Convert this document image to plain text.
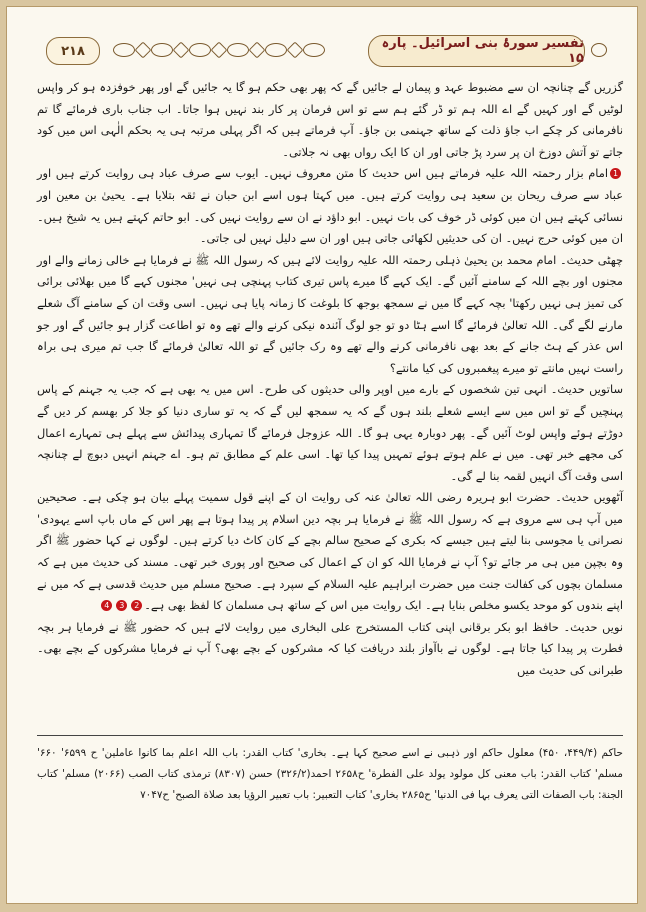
۲۱۸	تفسیر سورۂ بنی اسرائیل۔ پارہ ۱۵

گزریں گے چنانچہ ان سے مضبوط عہد و پیمان لے جائیں گے کہ پھر بھی حکم ہو گا یہ جائیں گے اور پھر خوفزدہ ہو کر واپس لوٹیں گے اور کہیں گے اے اللہ ہم تو ڈر گئے ہم سے تو اس فرمان پر کار بند نہیں ہوا جاتا۔ اب جناب باری فرمائے گا تم نافرمانی کر چکے اب جاؤ ذلت کے ساتھ جہنمی بن جاؤ۔ آپ فرماتے ہیں کہ اگر پہلی مرتبہ ہی یہ بحکم الٰہی اس میں کود جاتے تو آتش دوزخ ان پر سرد پڑ جاتی اور ان کا ایک رواں بھی نہ جلاتی۔

1امام بزار رحمتہ اللہ علیہ فرماتے ہیں اس حدیث کا متن معروف نہیں۔ ایوب سے صرف عباد ہی روایت کرتے ہیں اور عباد سے صرف ریحان بن سعید ہی روایت کرتے ہیں۔ میں کہتا ہوں اسے ابن حبان نے ثقہ بتلایا ہے۔ یحییٰ بن معین اور نسائی کہتے ہیں ان میں کوئی ڈر خوف کی بات نہیں۔ ابو داؤد نے ان سے روایت نہیں کی۔ ابو حاتم کہتے ہیں یہ شیخ ہیں۔ ان میں کوئی حرج نہیں۔ ان کی حدیثیں لکھائی جاتی ہیں اور ان سے دلیل نہیں لی جاتی۔

چھٹی حدیث۔ امام محمد بن یحییٰ ذہلی رحمتہ اللہ علیہ روایت لائے ہیں کہ رسول اللہ ﷺ نے فرمایا ہے خالی زمانے والے اور مجنوں اور بچے اللہ کے سامنے آئیں گے۔ ایک کہے گا میرے پاس تیری کتاب پہنچی ہی نہیں' مجنوں کہے گا میں بھلائی برائی کی تمیز ہی نہیں رکھتا' بچہ کہے گا میں نے سمجھ بوجھ کا بلوغت کا زمانہ پایا ہی نہیں۔ اسی وقت ان کے سامنے آگ شعلے مارنے لگے گی۔ اللہ تعالیٰ فرمائے گا اسے ہٹا دو تو جو لوگ آئندہ نیکی کرنے والے تھے وہ تو اطاعت گزار ہو جائیں گے اور جو اس عذر کے ہٹ جانے کے بعد بھی نافرمانی کرنے والے تھے وہ رک جائیں گے تو اللہ تعالیٰ فرمائے گا جب تم میری ہی براہ راست نہیں مانتے تو میرے پیغمبروں کی کیا مانتے؟

ساتویں حدیث۔ انہی تین شخصوں کے بارے میں اوپر والی حدیثوں کی طرح۔ اس میں یہ بھی ہے کہ جب یہ جہنم کے پاس پہنچیں گے تو اس میں سے ایسے شعلے بلند ہوں گے کہ یہ سمجھ لیں گے کہ یہ تو ساری دنیا کو جلا کر بھسم کر دیں گے دوڑتے ہوئے واپس لوٹ آئیں گے۔ پھر دوبارہ یہی ہو گا۔ اللہ عزوجل فرمائے گا تمہاری پیدائش سے پہلے ہی تمہارے اعمال کی مجھے خبر تھی۔ میں نے علم ہوتے ہوئے تمہیں پیدا کیا تھا۔ اسی علم کے مطابق تم ہو۔ اے جہنم انہیں دبوچ لے چنانچہ اسی وقت آگ انہیں لقمہ بنا لے گی۔

آٹھویں حدیث۔ حضرت ابو ہریرہ رضی اللہ تعالیٰ عنہ کی روایت ان کے اپنے قول سمیت پہلے بیان ہو چکی ہے۔ صحیحین میں آپ ہی سے مروی ہے کہ رسول اللہ ﷺ نے فرمایا ہر بچہ دین اسلام پر پیدا ہوتا ہے پھر اس کے ماں باپ اسے یہودی' نصرانی یا مجوسی بنا لیتے ہیں جیسے کہ بکری کے صحیح سالم بچے کے کان کاٹ دیا کرتے ہیں۔ لوگوں نے کہا حضور ﷺ اگر وہ بچپن میں ہی مر جائے تو؟ آپ نے فرمایا اللہ کو ان کے اعمال کی صحیح اور پوری خبر تھی۔ مسند کی حدیث میں ہے کہ مسلمان بچوں کی کفالت جنت میں حضرت ابراہیم علیہ السلام کے سپرد ہے۔ صحیح مسلم میں حدیث قدسی ہے کہ میں نے اپنے بندوں کو موحد یکسو مخلص بنایا ہے۔ ایک روایت میں اس کے ساتھ ہی مسلمان کا لفظ بھی ہے۔234

نویں حدیث۔ حافظ ابو بکر برقانی اپنی کتاب المستخرج علی البخاری میں روایت لائے ہیں کہ حضور ﷺ نے فرمایا ہر بچہ فطرت پر پیدا کیا جاتا ہے۔ لوگوں نے باآواز بلند دریافت کیا کہ مشرکوں کے بچے بھی؟ آپ نے فرمایا مشرکوں کے بچے بھی۔ طبرانی کی حدیث میں

حاکم (۴۴۹/۴، ۴۵۰) معلول حاکم اور ذہبی نے اسے صحیح کہا ہے۔ بخاری' کتاب القدر: باب اللہ اعلم بما کانوا عاملین' ح ۶۵۹۹' ۶۶۰' مسلم' کتاب القدر: باب معنی کل مولود یولد علی الفطرة' ح۲۶۵۸ احمد(۳۲۶/۲) حسن (۸۳۰۷) ترمذی کتاب الصب (۲۰۶۶) مسلم' کتاب الجنة: باب الصفات التی یعرف بہا فی الدنیا' ح۲۸۶۵ بخاری' کتاب التعبیر: باب تعبیر الرؤیا بعد صلاة الصبح' ح۷۰۴۷
